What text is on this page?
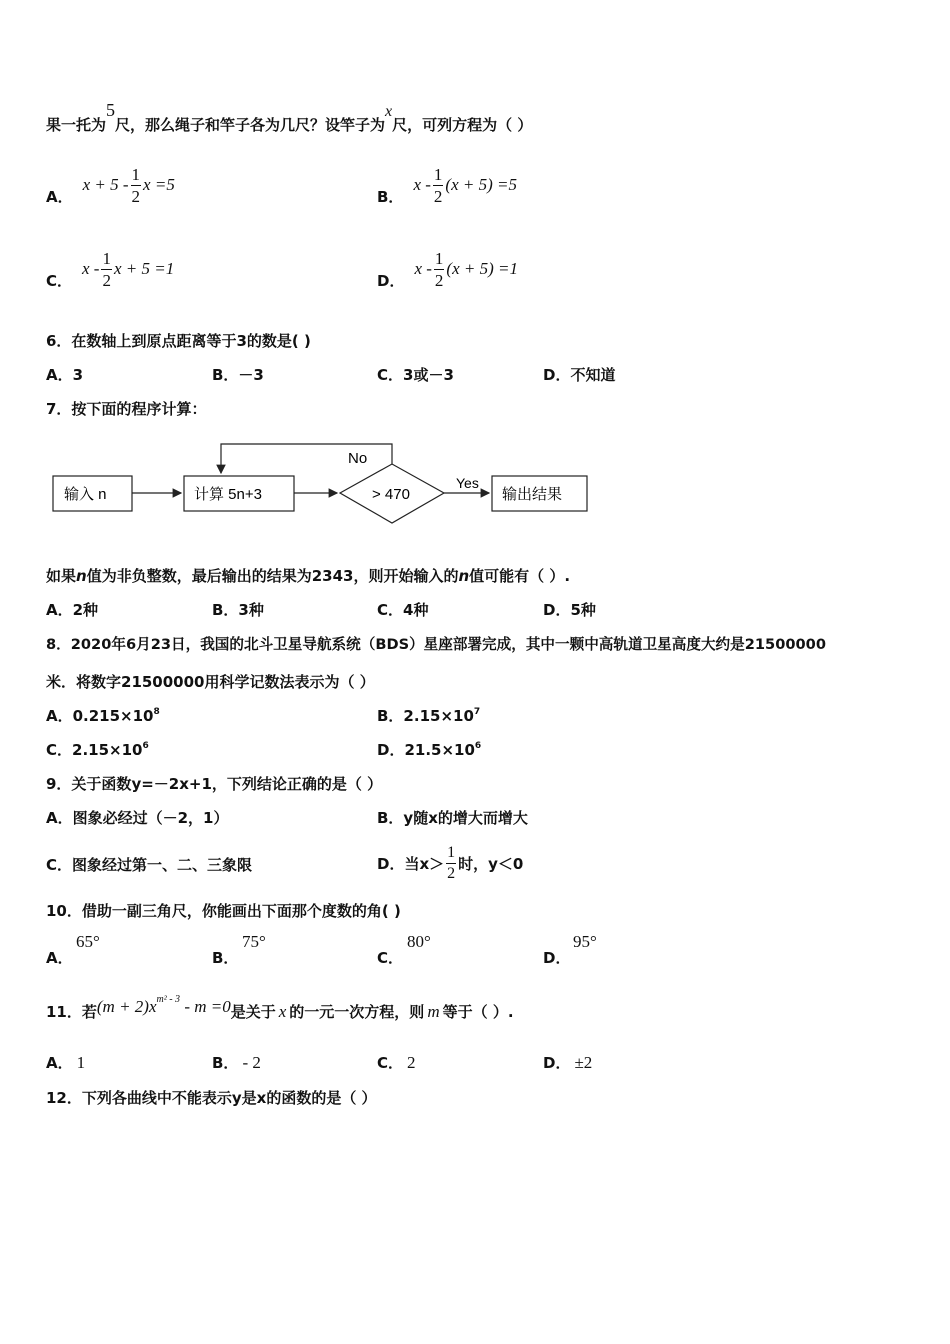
果一托为5尺，那么绳子和竿子各为几尺？设竿子为x尺，可列方程为（ ）
A．
$x + 5 - \frac{1}{2}$ x =5
B．
$x - \frac{1}{2} (x + 5) =5$
C．
x - $\frac{1}{2}$ x + 5 =1
D．
$x - \frac{1}{2} (x + 5) =1$
6．在数轴上到原点距离等于3的数是( )
A．3	B．－3	C．3或－3	D．不知道
7．按下面的程序计算：
输入 n	计算 5n+3	> 470
No
Yes
输出结果
如果n值为非负整数，最后输出的结果为2343，则开始输入的n值可能有（ ）.
A．2种	B．3种	C．4种	D．5种
8．2020年6月23日，我国的北斗卫星导航系统（BDS）星座部署完成，其中一颗中高轨道卫星高度大约是21500000
米．将数字21500000用科学记数法表示为（ ）
A．$0.215\times 10^8$	B．$2.15\times 10^7$
C．$2.15\times 10^6$	D．$21.5\times 10^6$
9．关于函数y=－2x+1，下列结论正确的是（ ）
A．图象必经过（－2，1）	B．y随x的增大而增大
C．图象经过第一、二、三象限	D．当$x> \frac{1}{2}$ 时，y＜0
10．借助一副三角尺，你能画出下面那个度数的角( )
A．
65°
B．
75°
C．
80°
D．
95°
11．若 $(m + 2)x^{m^2 - 3} - m =0$ 是关于 x 的一元一次方程，则 m 等于（ ）.
A． 1	B． - 2	C． 2	D． ±2
12．下列各曲线中不能表示y是x的函数的是（ ）
